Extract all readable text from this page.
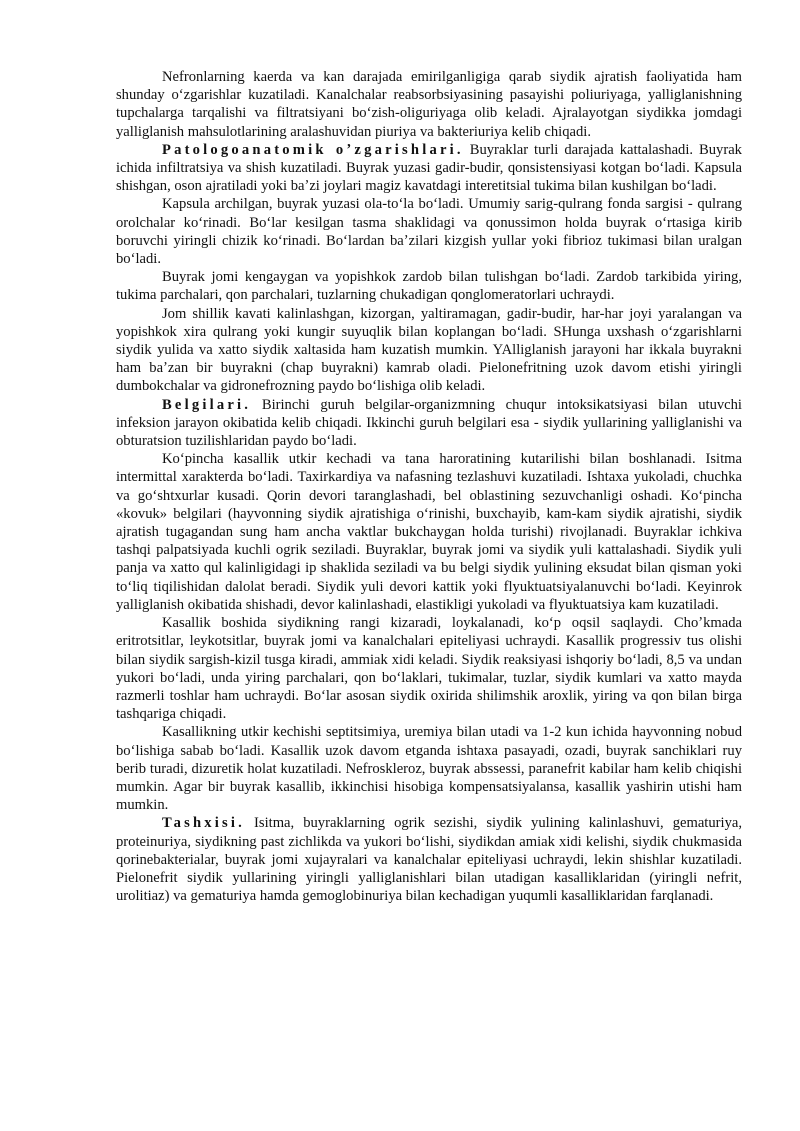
Nefronlarning kaerda va kan darajada emirilganligiga qarab siydik ajratish faoliyatida ham shunday oʻzgarishlar kuzatiladi. Kanalchalar reabsorbsiyasining pasayishi poliuriyaga, yalliglanishning tupchalarga tarqalishi va filtratsiyani boʻzish-oliguriyaga olib keladi. Ajralayotgan siydikka jomdagi yalliglanish mahsulotlarining aralashuvidan piuriya va bakteriuriya kelib chiqadi.

Patologoanatomik oʼzgarishlari. Buyraklar turli darajada kattalashadi. Buyrak ichida infiltratsiya va shish kuzatiladi. Buyrak yuzasi gadir-budir, qonsistensiyasi kotgan boʻladi. Kapsula shishgan, oson ajratiladi yoki baʼzi joylari magiz kavatdagi interetitsial tukima bilan kushilgan boʻladi.

Kapsula archilgan, buyrak yuzasi ola-toʻla boʻladi. Umumiy sarig-qulrang fonda sargisi - qulrang orolchalar koʻrinadi. Boʻlar kesilgan tasma shaklidagi va qonussimon holda buyrak oʻrtasiga kirib boruvchi yiringli chizik koʻrinadi. Boʻlardan baʼzilari kizgish yullar yoki fibrioz tukimasi bilan uralgan boʻladi.

Buyrak jomi kengaygan va yopishkok zardob bilan tulishgan boʻladi. Zardob tarkibida yiring, tukima parchalari, qon parchalari, tuzlarning chukadigan qonglomeratorlari uchraydi.

Jom shillik kavati kalinlashgan, kizorgan, yaltiramagan, gadir-budir, har-har joyi yaralangan va yopishkok xira qulrang yoki kungir suyuqlik bilan koplangan boʻladi. SHunga uxshash oʻzgarishlarni siydik yulida va xatto siydik xaltasida ham kuzatish mumkin. YAlliglanish jarayoni har ikkala buyrakni ham baʼzan bir buyrakni (chap buyrakni) kamrab oladi. Pielonefritning uzok davom etishi yiringli dumbokchalar va gidronefrozning paydo boʻlishiga olib keladi.

Belgilari. Birinchi guruh belgilar-organizmning chuqur intoksikatsiyasi bilan utuvchi infeksion jarayon okibatida kelib chiqadi. Ikkinchi guruh belgilari esa - siydik yullarining yalliglanishi va obturatsion tuzilishlaridan paydo boʻladi.

Koʻpincha kasallik utkir kechadi va tana haroratining kutarilishi bilan boshlanadi. Isitma intermittal xarakterda boʻladi. Taxirkardiya va nafasning tezlashuvi kuzatiladi. Ishtaxa yukoladi, chuchka va goʻshtxurlar kusadi. Qorin devori taranglashadi, bel oblastining sezuvchanligi oshadi. Koʻpincha «kovuk» belgilari (hayvonning siydik ajratishiga oʻrinishi, buxchayib, kam-kam siydik ajratishi, siydik ajratish tugagandan sung ham ancha vaktlar bukchaygan holda turishi) rivojlanadi. Buyraklar ichkiva tashqi palpatsiyada kuchli ogrik seziladi. Buyraklar, buyrak jomi va siydik yuli kattalashadi. Siydik yuli panja va xatto qul kalinligidagi ip shaklida seziladi va bu belgi siydik yulining eksudat bilan qisman yoki toʻliq tiqilishidan dalolat beradi. Siydik yuli devori kattik yoki flyuktuatsiyalanuvchi boʻladi. Keyinrok yalliglanish okibatida shishadi, devor kalinlashadi, elastikligi yukoladi va flyuktuatsiya kam kuzatiladi.

Kasallik boshida siydikning rangi kizaradi, loykalanadi, koʻp oqsil saqlaydi. Choʼkmada eritrotsitlar, leykotsitlar, buyrak jomi va kanalchalari epiteliyasi uchraydi. Kasallik progressiv tus olishi bilan siydik sargish-kizil tusga kiradi, ammiak xidi keladi. Siydik reaksiyasi ishqoriy boʻladi, 8,5 va undan yukori boʻladi, unda yiring parchalari, qon boʻlaklari, tukimalar, tuzlar, siydik kumlari va xatto mayda razmerli toshlar ham uchraydi. Boʻlar asosan siydik oxirida shilimshik aroxlik, yiring va qon bilan birga tashqariga chiqadi.

Kasallikning utkir kechishi septitsimiya, uremiya bilan utadi va 1-2 kun ichida hayvonning nobud boʻlishiga sabab boʻladi. Kasallik uzok davom etganda ishtaxa pasayadi, ozadi, buyrak sanchiklari ruy berib turadi, dizuretik holat kuzatiladi. Nefroskleroz, buyrak abssessi, paranefrit kabilar ham kelib chiqishi mumkin. Agar bir buyrak kasallib, ikkinchisi hisobiga kompensatsiyalansa, kasallik yashirin utishi ham mumkin.

Tashxisi. Isitma, buyraklarning ogrik sezishi, siydik yulining kalinlashuvi, gematuriya, proteinuriya, siydikning past zichlikda va yukori boʻlishi, siydikdan amiak xidi kelishi, siydik chukmasida qorinebakterialar, buyrak jomi xujayralari va kanalchalar epiteliyasi uchraydi, lekin shishlar kuzatiladi. Pielonefrit siydik yullarining yiringli yalliglanishlari bilan utadigan kasalliklaridan (yiringli nefrit, urolitiaz) va gematuriya hamda gemoglobinuriya bilan kechadigan yuqumli kasalliklaridan farqlanadi.
